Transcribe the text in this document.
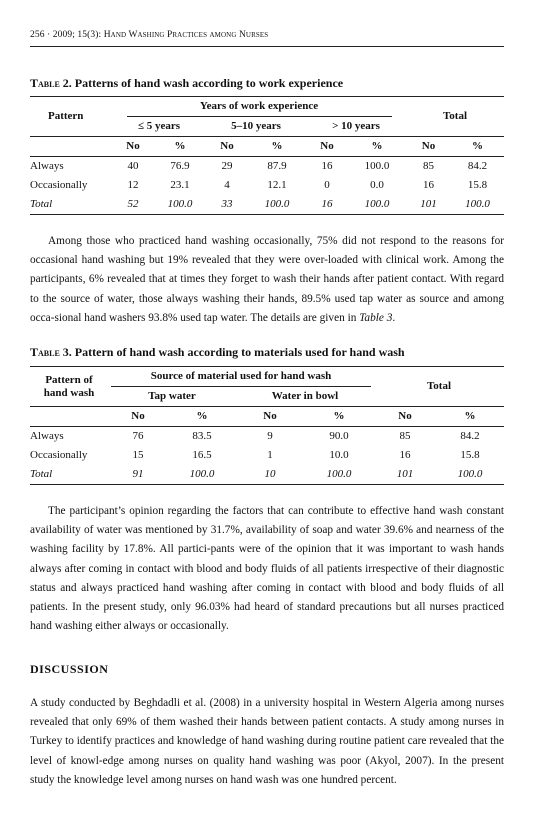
256 · 2009; 15(3): Hand Washing Practices among Nurses
Table 2. Patterns of hand wash according to work experience
Pattern	Years of work experience						Total	
	≤ 5 years		5–10 years		> 10 years			
	No	%	No	%	No	%	No	%
Always	40	76.9	29	87.9	16	100.0	85	84.2
Occasionally	12	23.1	4	12.1	0	0.0	16	15.8
Total	52	100.0	33	100.0	16	100.0	101	100.0

Among those who practiced hand washing occasionally, 75% did not respond to the reasons for occasional hand washing but 19% revealed that they were over-loaded with clinical work. Among the participants, 6% revealed that at times they forget to wash their hands after patient contact. With regard to the source of water, those always washing their hands, 89.5% used tap water as source and among occa-sional hand washers 93.8% used tap water. The details are given in Table 3.

Table 3. Pattern of hand wash according to materials used for hand wash
Pattern of
hand wash	Source of material used for hand wash				Total	
	Tap water		Water in bowl			
	No	%	No	%	No	%
Always	76	83.5	9	90.0	85	84.2
Occasionally	15	16.5	1	10.0	16	15.8
Total	91	100.0	10	100.0	101	100.0

The participant’s opinion regarding the factors that can contribute to effective hand wash constant availability of water was mentioned by 31.7%, availability of soap and water 39.6% and nearness of the washing facility by 17.8%. All partici-pants were of the opinion that it was important to wash hands always after coming in contact with blood and body fluids of all patients irrespective of their diagnostic status and always practiced hand washing after coming in contact with blood and body fluids of all patients. In the present study, only 96.03% had heard of standard precautions but all nurses practiced hand washing either always or occasionally.

DISCUSSION

A study conducted by Beghdadli et al. (2008) in a university hospital in Western Algeria among nurses revealed that only 69% of them washed their hands between patient contacts. A study among nurses in Turkey to identify practices and knowledge of hand washing during routine patient care revealed that the level of knowl-edge among nurses on quality hand washing was poor (Akyol, 2007). In the present study the knowledge level among nurses on hand wash was one hundred percent.
